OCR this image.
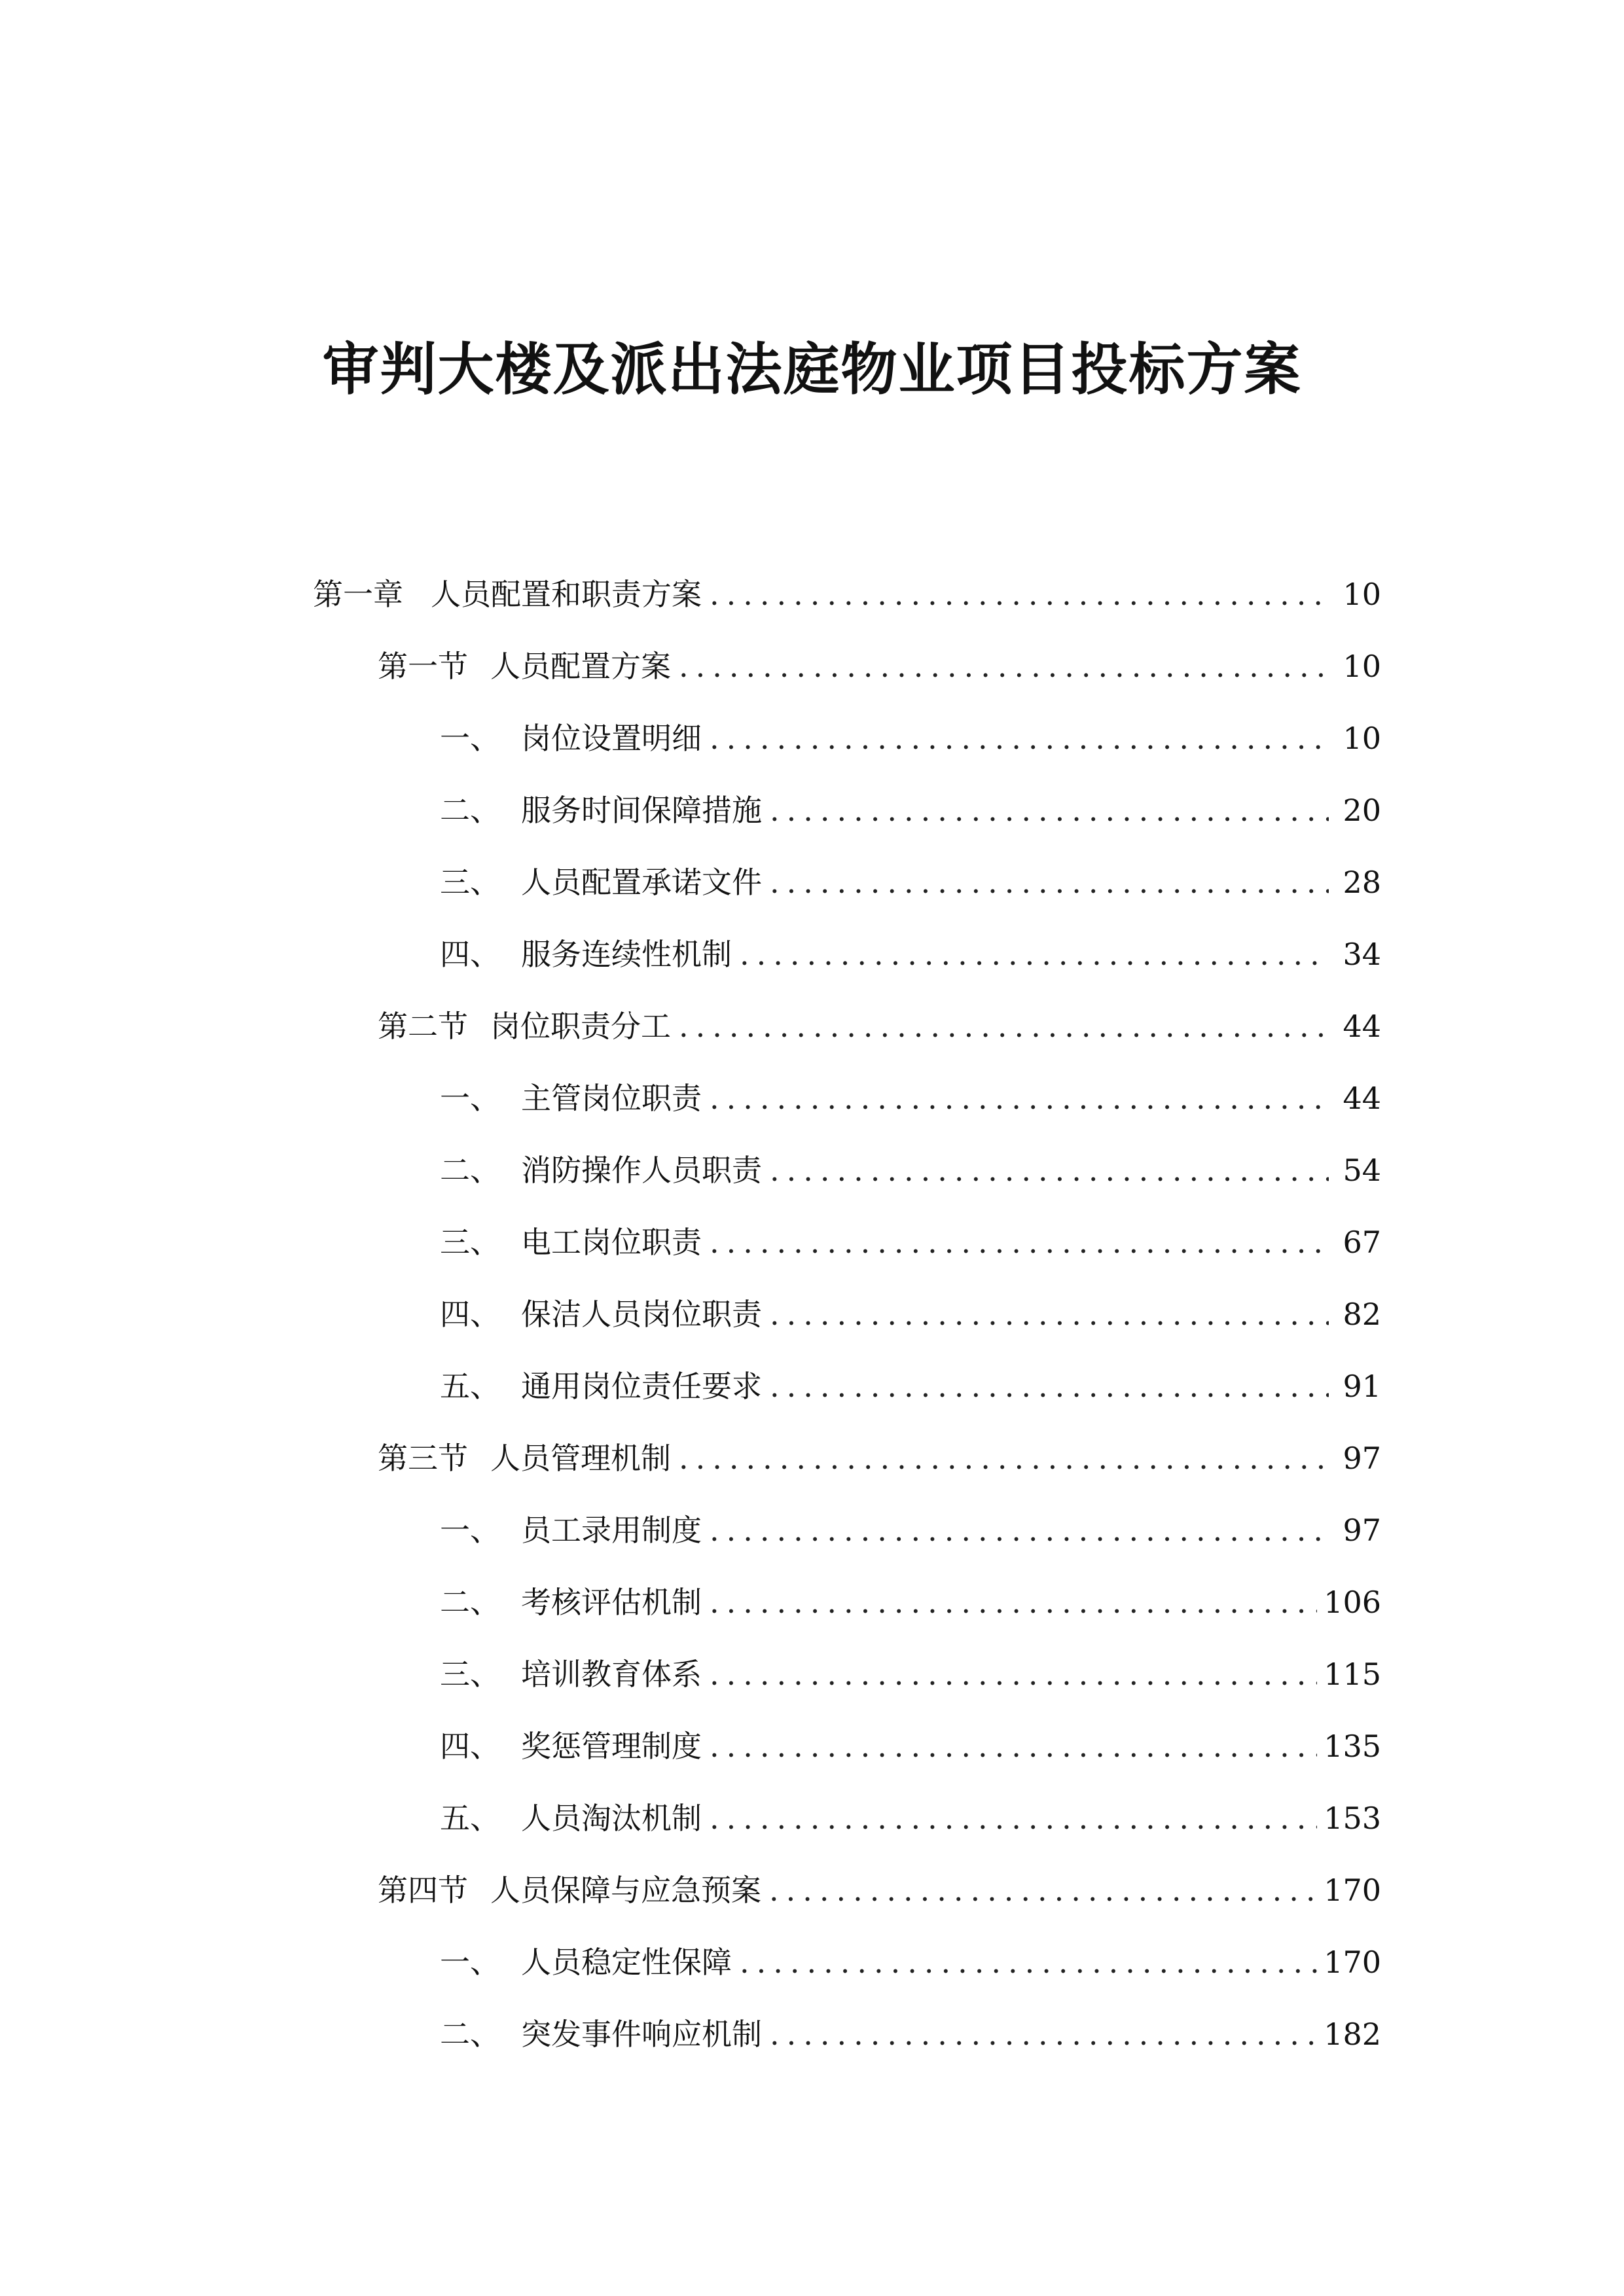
审判大楼及派出法庭物业项目投标方案
第一章 人员配置和职责方案 .....	10
第一节 人员配置方案 .....	10
一、 岗位设置明细 .....	10
二、 服务时间保障措施 .....	20
三、 人员配置承诺文件 .....	28
四、 服务连续性机制 .....	34
第二节 岗位职责分工 .....	44
一、 主管岗位职责 .....	44
二、 消防操作人员职责 .....	54
三、 电工岗位职责 .....	67
四、 保洁人员岗位职责 .....	82
五、 通用岗位责任要求 .....	91
第三节 人员管理机制 .....	97
一、 员工录用制度 .....	97
二、 考核评估机制 .....	106
三、 培训教育体系 .....	115
四、 奖惩管理制度 .....	135
五、 人员淘汰机制 .....	153
第四节 人员保障与应急预案 .....	170
一、 人员稳定性保障 .....	170
二、 突发事件响应机制 .....	182
